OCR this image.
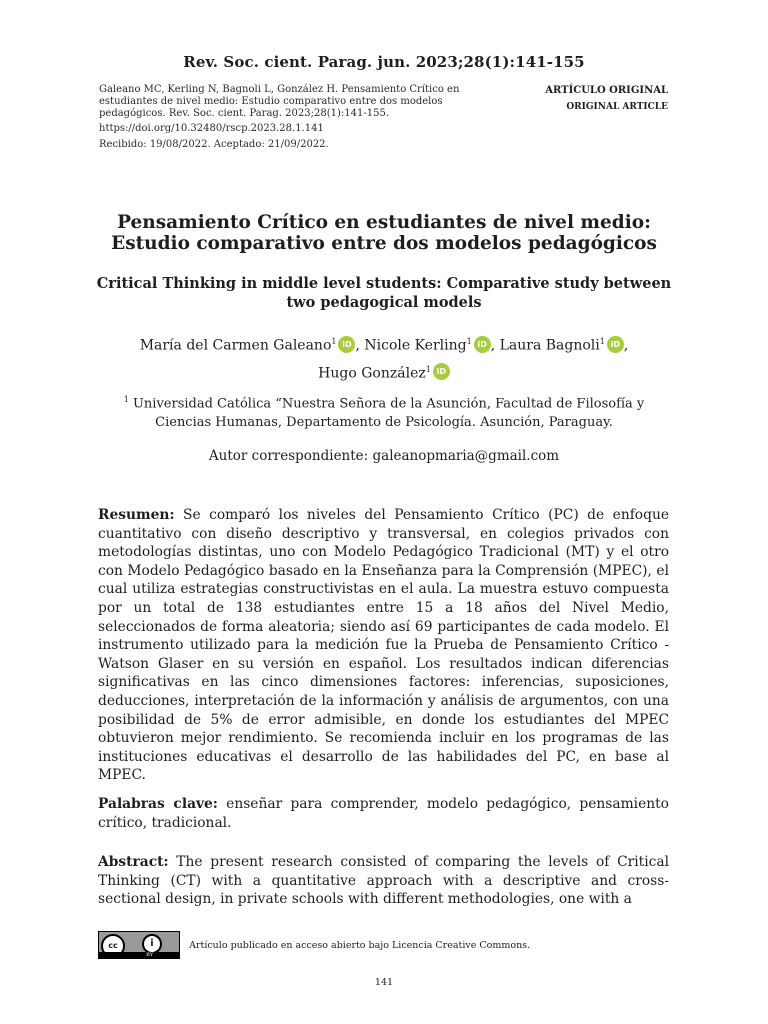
Rev. Soc. cient. Parag. jun. 2023;28(1):141-155
Galeano MC, Kerling N, Bagnoli L, González H. Pensamiento Crítico en estudiantes de nivel medio: Estudio comparativo entre dos modelos pedagógicos. Rev. Soc. cient. Parag. 2023;28(1):141-155.
https://doi.org/10.32480/rscp.2023.28.1.141
Recibido: 19/08/2022. Aceptado: 21/09/2022.
ARTÍCULO ORIGINAL
ORIGINAL ARTICLE
Pensamiento Crítico en estudiantes de nivel medio: Estudio comparativo entre dos modelos pedagógicos
Critical Thinking in middle level students: Comparative study between two pedagogical models
María del Carmen Galeano$^1$ iD , Nicole Kerling$^1$ iD , Laura Bagnoli$^1$ iD ,
Hugo González$^1$ iD
$^1$ Universidad Católica “Nuestra Señora de la Asunción, Facultad de Filosofía y Ciencias Humanas, Departamento de Psicología. Asunción, Paraguay.
Autor correspondiente: galeanopmaria@gmail.com
Resumen: Se comparó los niveles del Pensamiento Crítico (PC) de enfoque cuantitativo con diseño descriptivo y transversal, en colegios privados con metodologías distintas, uno con Modelo Pedagógico Tradicional (MT) y el otro con Modelo Pedagógico basado en la Enseñanza para la Comprensión (MPEC), el cual utiliza estrategias constructivistas en el aula. La muestra estuvo compuesta por un total de 138 estudiantes entre 15 a 18 años del Nivel Medio, seleccionados de forma aleatoria; siendo así 69 participantes de cada modelo. El instrumento utilizado para la medición fue la Prueba de Pensamiento Crítico - Watson Glaser en su versión en español. Los resultados indican diferencias significativas en las cinco dimensiones factores: inferencias, suposiciones, deducciones, interpretación de la información y análisis de argumentos, con una posibilidad de 5% de error admisible, en donde los estudiantes del MPEC obtuvieron mejor rendimiento. Se recomienda incluir en los programas de las instituciones educativas el desarrollo de las habilidades del PC, en base al MPEC.
Palabras clave: enseñar para comprender, modelo pedagógico, pensamiento crítico, tradicional.
Abstract: The present research consisted of comparing the levels of Critical Thinking (CT) with a quantitative approach with a descriptive and cross-sectional design, in private schools with different methodologies, one with a
cc	i
BY
Artículo publicado en acceso abierto bajo Licencia Creative Commons.
141
